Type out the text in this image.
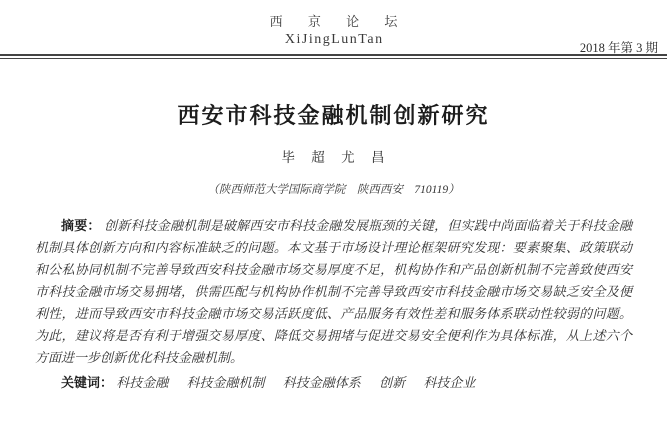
西 京 论 坛
XiJingLunTan
2018 年第 3 期
西安市科技金融机制创新研究
毕 超 尤 昌
（陕西师范大学国际商学院　陕西西安　710119）

摘要： 创新科技金融机制是破解西安市科技金融发展瓶颈的关键，但实践中尚面临着关于科技金融机制具体创新方向和内容标准缺乏的问题。本文基于市场设计理论框架研究发现：要素聚集、政策联动和公私协同机制不完善导致西安科技金融市场交易厚度不足，机构协作和产品创新机制不完善致使西安市科技金融市场交易拥堵，供需匹配与机构协作机制不完善导致西安市科技金融市场交易缺乏安全及便利性，进而导致西安市科技金融市场交易活跃度低、产品服务有效性差和服务体系联动性较弱的问题。为此，建议将是否有利于增强交易厚度、降低交易拥堵与促进交易安全便利作为具体标准，从上述六个方面进一步创新优化科技金融机制。

关键词： 科技金融 科技金融机制 科技金融体系 创新 科技企业
